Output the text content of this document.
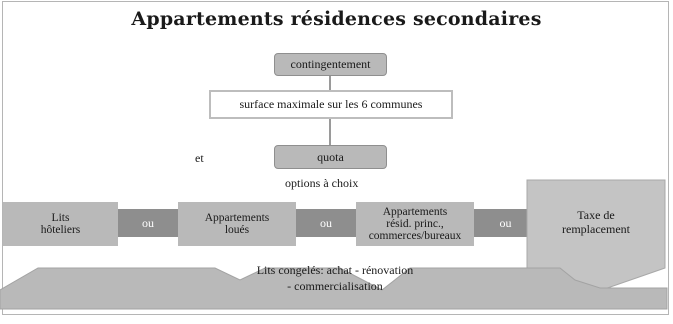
Appartements résidences secondaires
contingentement
surface maximale sur les 6 communes
et	quota
options à choix
Lits
hôteliers
ou	Appartements
loués
ou
Appartements
résid. princ.,
commerces/bureaux
ou
Taxe de
remplacement
Lits congelés: achat - rénovation
- commercialisation
